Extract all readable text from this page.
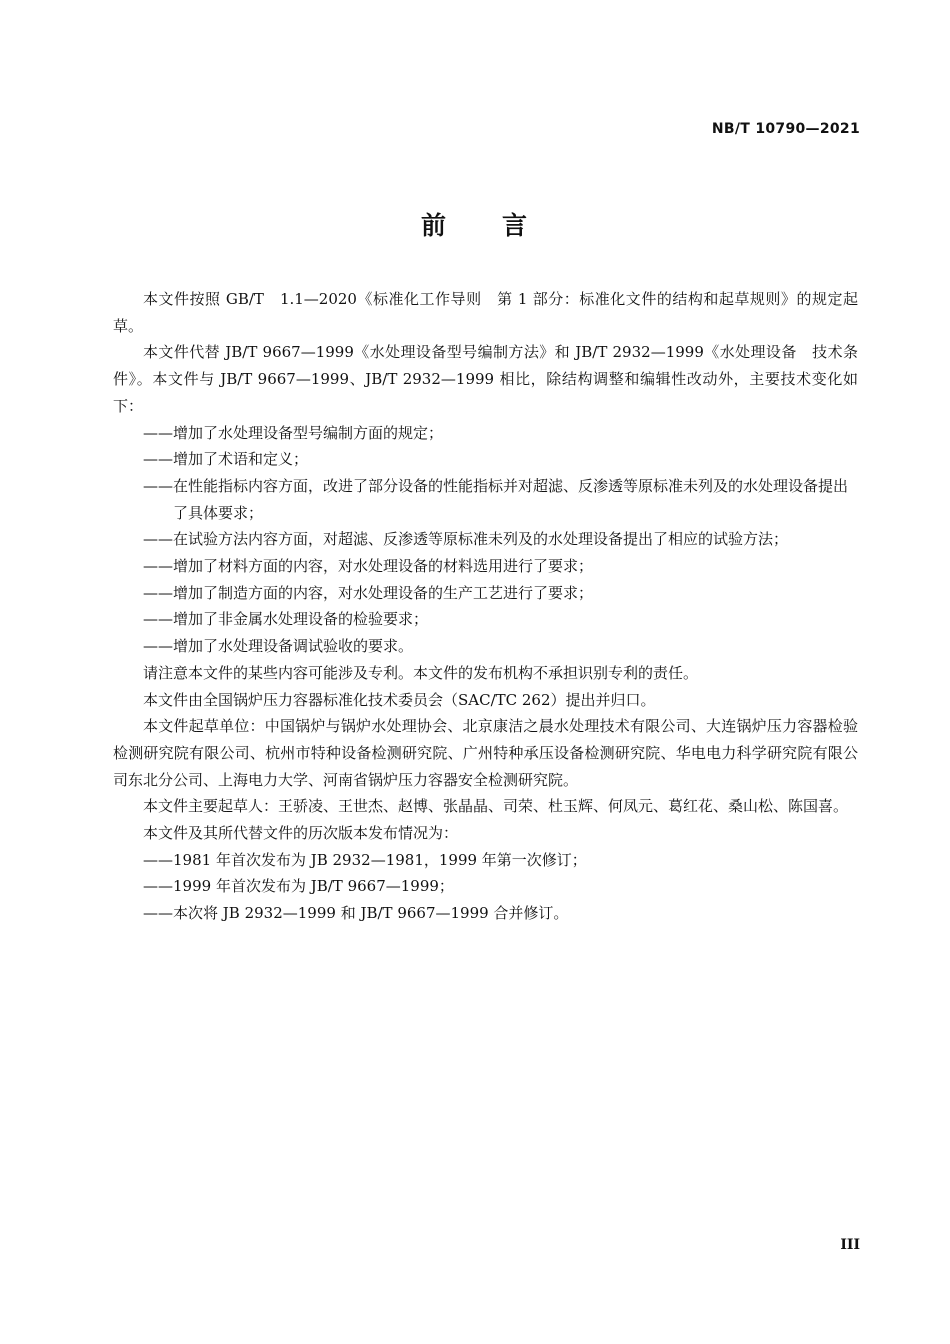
NB/T 10790—2021
前　　言

本文件按照 GB/T　1.1—2020《标准化工作导则　第 1 部分：标准化文件的结构和起草规则》的规定起草。

本文件代替 JB/T 9667—1999《水处理设备型号编制方法》和 JB/T 2932—1999《水处理设备　技术条件》。本文件与 JB/T 9667—1999、JB/T 2932—1999 相比，除结构调整和编辑性改动外，主要技术变化如下：

——增加了水处理设备型号编制方面的规定；

——增加了术语和定义；

——在性能指标内容方面，改进了部分设备的性能指标并对超滤、反渗透等原标准未列及的水处理设备提出了具体要求；

——在试验方法内容方面，对超滤、反渗透等原标准未列及的水处理设备提出了相应的试验方法；

——增加了材料方面的内容，对水处理设备的材料选用进行了要求；

——增加了制造方面的内容，对水处理设备的生产工艺进行了要求；

——增加了非金属水处理设备的检验要求；

——增加了水处理设备调试验收的要求。

请注意本文件的某些内容可能涉及专利。本文件的发布机构不承担识别专利的责任。

本文件由全国锅炉压力容器标准化技术委员会（SAC/TC 262）提出并归口。

本文件起草单位：中国锅炉与锅炉水处理协会、北京康洁之晨水处理技术有限公司、大连锅炉压力容器检验检测研究院有限公司、杭州市特种设备检测研究院、广州特种承压设备检测研究院、华电电力科学研究院有限公司东北分公司、上海电力大学、河南省锅炉压力容器安全检测研究院。

本文件主要起草人：王骄凌、王世杰、赵博、张晶晶、司荣、杜玉辉、何凤元、葛红花、桑山松、陈国喜。

本文件及其所代替文件的历次版本发布情况为：

——1981 年首次发布为 JB 2932—1981，1999 年第一次修订；

——1999 年首次发布为 JB/T 9667—1999；

——本次将 JB 2932—1999 和 JB/T 9667—1999 合并修订。

III
